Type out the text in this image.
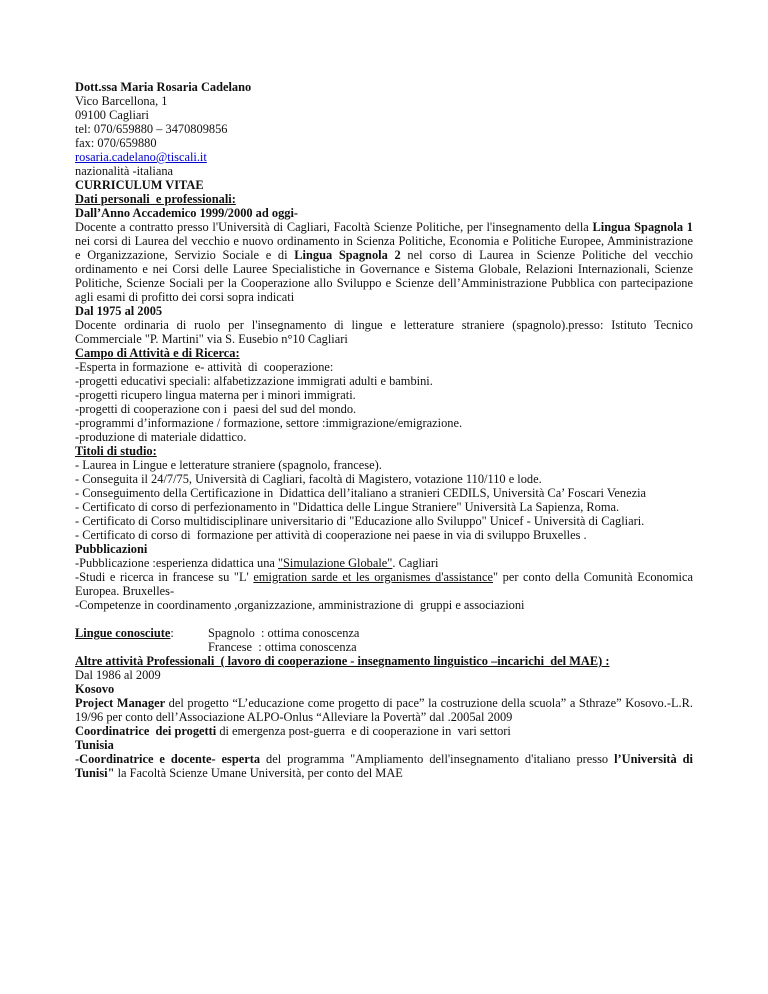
Dott.ssa Maria Rosaria Cadelano

Vico Barcellona, 1

09100 Cagliari

tel: 070/659880 – 3470809856

fax: 070/659880

rosaria.cadelano@tiscali.it

nazionalità -italiana

CURRICULUM VITAE

Dati personali  e professionali:

Dall’Anno Accademico 1999/2000 ad oggi-

Docente a contratto presso l'Università di Cagliari, Facoltà Scienze Politiche, per l'insegnamento della Lingua Spagnola 1 nei corsi di Laurea del vecchio e nuovo ordinamento in Scienza Politiche, Economia e Politiche Europee, Amministrazione e Organizzazione, Servizio Sociale e di Lingua Spagnola 2 nel corso di Laurea in Scienze Politiche del vecchio ordinamento e nei Corsi delle Lauree Specialistiche in Governance e Sistema Globale, Relazioni Internazionali, Scienze Politiche, Scienze Sociali per la Cooperazione allo Sviluppo e Scienze dell’Amministrazione Pubblica con partecipazione agli esami di profitto dei corsi sopra indicati

Dal 1975 al 2005

Docente ordinaria di ruolo per l'insegnamento di lingue e letterature straniere (spagnolo).presso: Istituto Tecnico Commerciale "P. Martini" via S. Eusebio n°10 Cagliari

Campo di Attività e di Ricerca:

-Esperta in formazione  e- attività  di  cooperazione:

-progetti educativi speciali: alfabetizzazione immigrati adulti e bambini.

-progetti ricupero lingua materna per i minori immigrati.

-progetti di cooperazione con i  paesi del sud del mondo.

-programmi d’informazione / formazione, settore :immigrazione/emigrazione.

-produzione di materiale didattico.

Titoli di studio:

- Laurea in Lingue e letterature straniere (spagnolo, francese).

- Conseguita il 24/7/75, Università di Cagliari, facoltà di Magistero, votazione 110/110 e lode.

- Conseguimento della Certificazione in  Didattica dell’italiano a stranieri CEDILS, Università Ca’ Foscari Venezia

- Certificato di corso di perfezionamento in "Didattica delle Lingue Straniere" Università La Sapienza, Roma.

- Certificato di Corso multidisciplinare universitario di "Educazione allo Sviluppo" Unicef - Università di Cagliari.

- Certificato di corso di  formazione per attività di cooperazione nei paese in via di sviluppo Bruxelles .

Pubblicazioni

-Pubblicazione :esperienza didattica una "Simulazione Globale". Cagliari

-Studi e ricerca in francese su "L' emigration sarde et les organismes d'assistance" per conto della Comunità Economica Europea. Bruxelles-

-Competenze in coordinamento ,organizzazione, amministrazione di  gruppi e associazioni

Lingue conosciute:	Spagnolo  : ottima conoscenza

Francese  : ottima conoscenza

Altre attività Professionali  ( lavoro di cooperazione - insegnamento linguistico –incarichi  del MAE) :

Dal 1986 al 2009

Kosovo

Project Manager del progetto “L’educazione come progetto di pace” la costruzione della scuola” a Sthraze” Kosovo.-L.R. 19/96 per conto dell’Associazione ALPO-Onlus “Alleviare la Povertà” dal .2005al 2009

Coordinatrice  dei progetti di emergenza post-guerra  e di cooperazione in  vari settori

Tunisia

-Coordinatrice e docente- esperta del programma "Ampliamento dell'insegnamento d'italiano presso l’Università di Tunisi" la Facoltà Scienze Umane Università, per conto del MAE
